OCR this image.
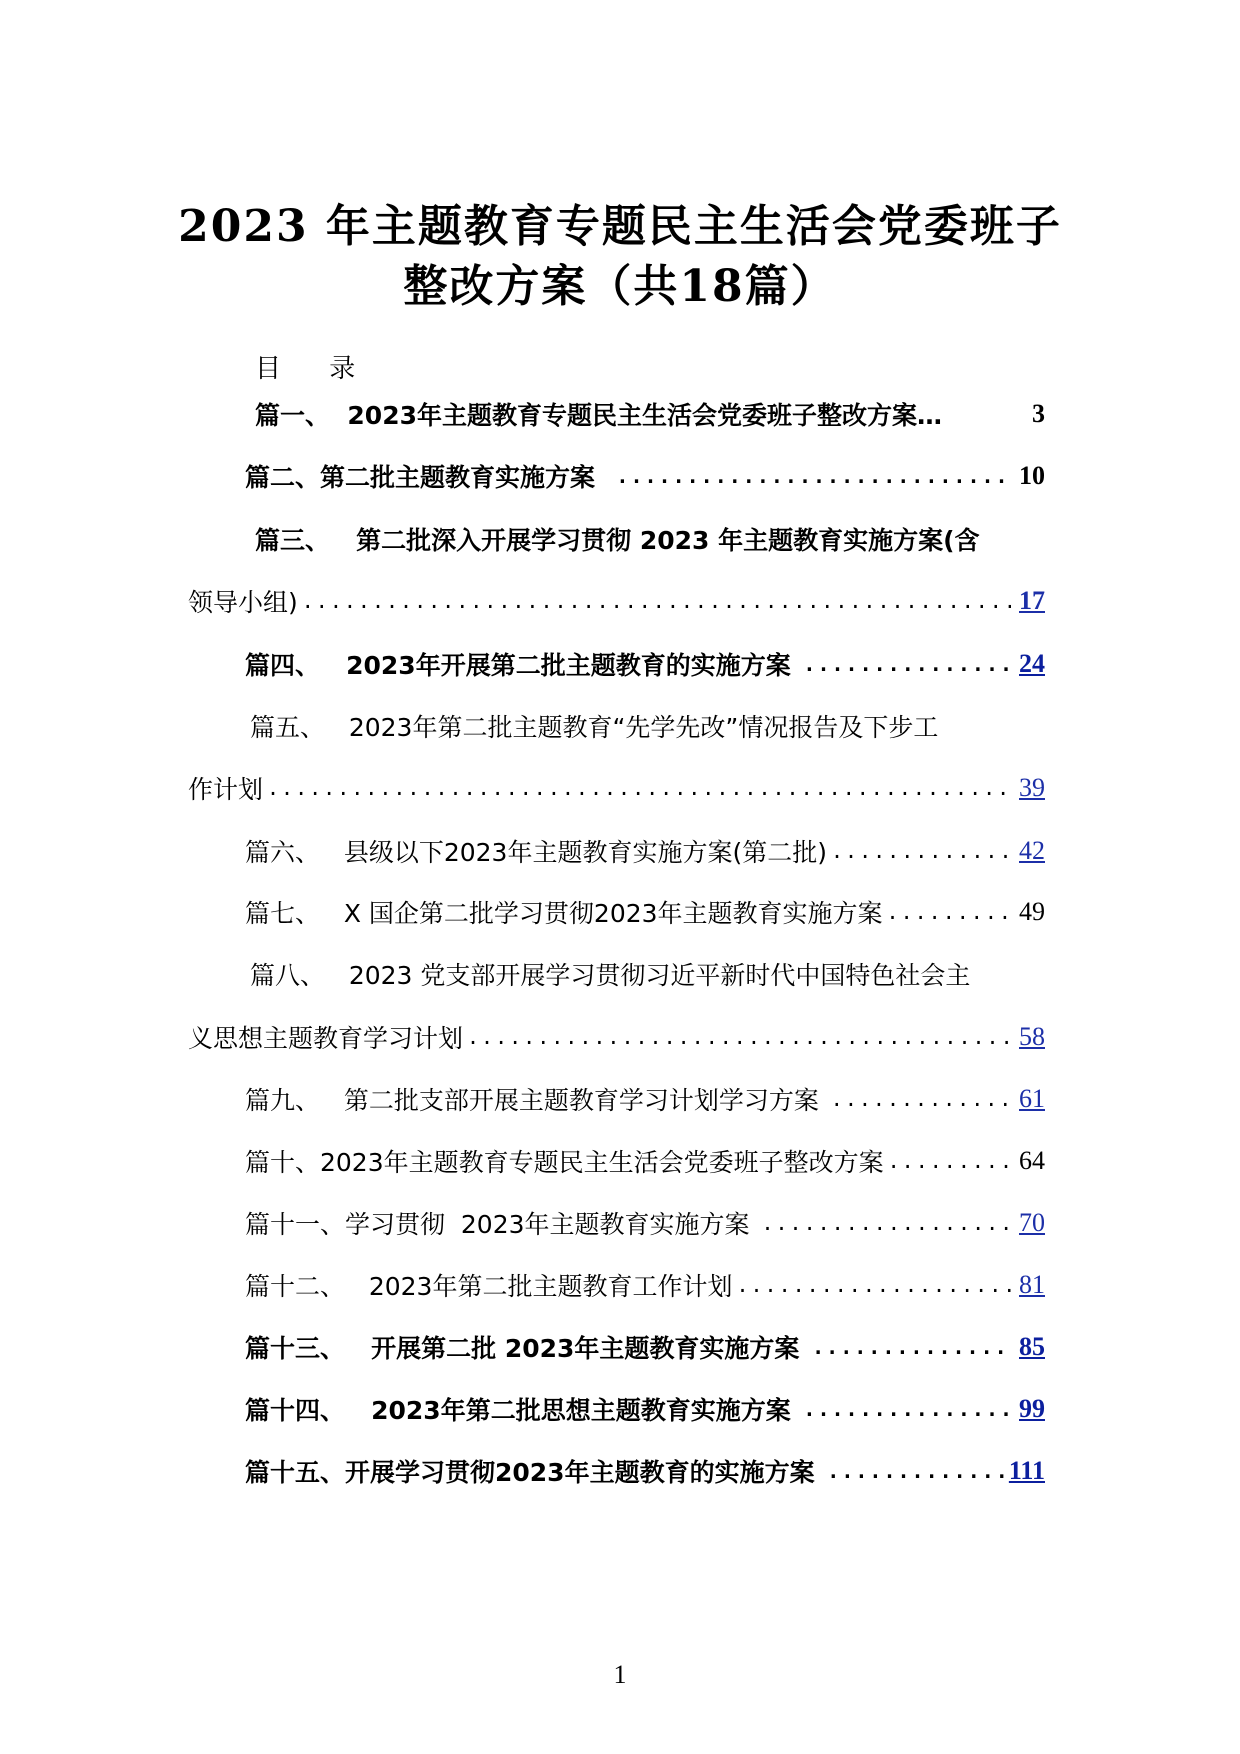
2023 年主题教育专题民主生活会党委班子
整改方案（共18篇）
目 录
篇一、  2023年主题教育专题民主生活会党委班子整改方案…	3
篇二、第二批主题教育实施方案 .....	10
篇三、   第二批深入开展学习贯彻 2023 年主题教育实施方案(含
领导小组) .....	17
篇四、   2023年开展第二批主题教育的实施方案 .....	24
篇五、   2023年第二批主题教育“先学先改”情况报告及下步工
作计划 .....	39
篇六、   县级以下2023年主题教育实施方案(第二批) .....	42
篇七、   X 国企第二批学习贯彻2023年主题教育实施方案 .....	49
篇八、   2023 党支部开展学习贯彻习近平新时代中国特色社会主
义思想主题教育学习计划 .....	58
篇九、   第二批支部开展主题教育学习计划学习方案 .....	61
篇十、2023年主题教育专题民主生活会党委班子整改方案 .....	64
篇十一、学习贯彻  2023年主题教育实施方案 .....	70
篇十二、   2023年第二批主题教育工作计划 .....	81
篇十三、   开展第二批 2023年主题教育实施方案 .....	85
篇十四、   2023年第二批思想主题教育实施方案 .....	99
篇十五、开展学习贯彻2023年主题教育的实施方案 .....	111
1
